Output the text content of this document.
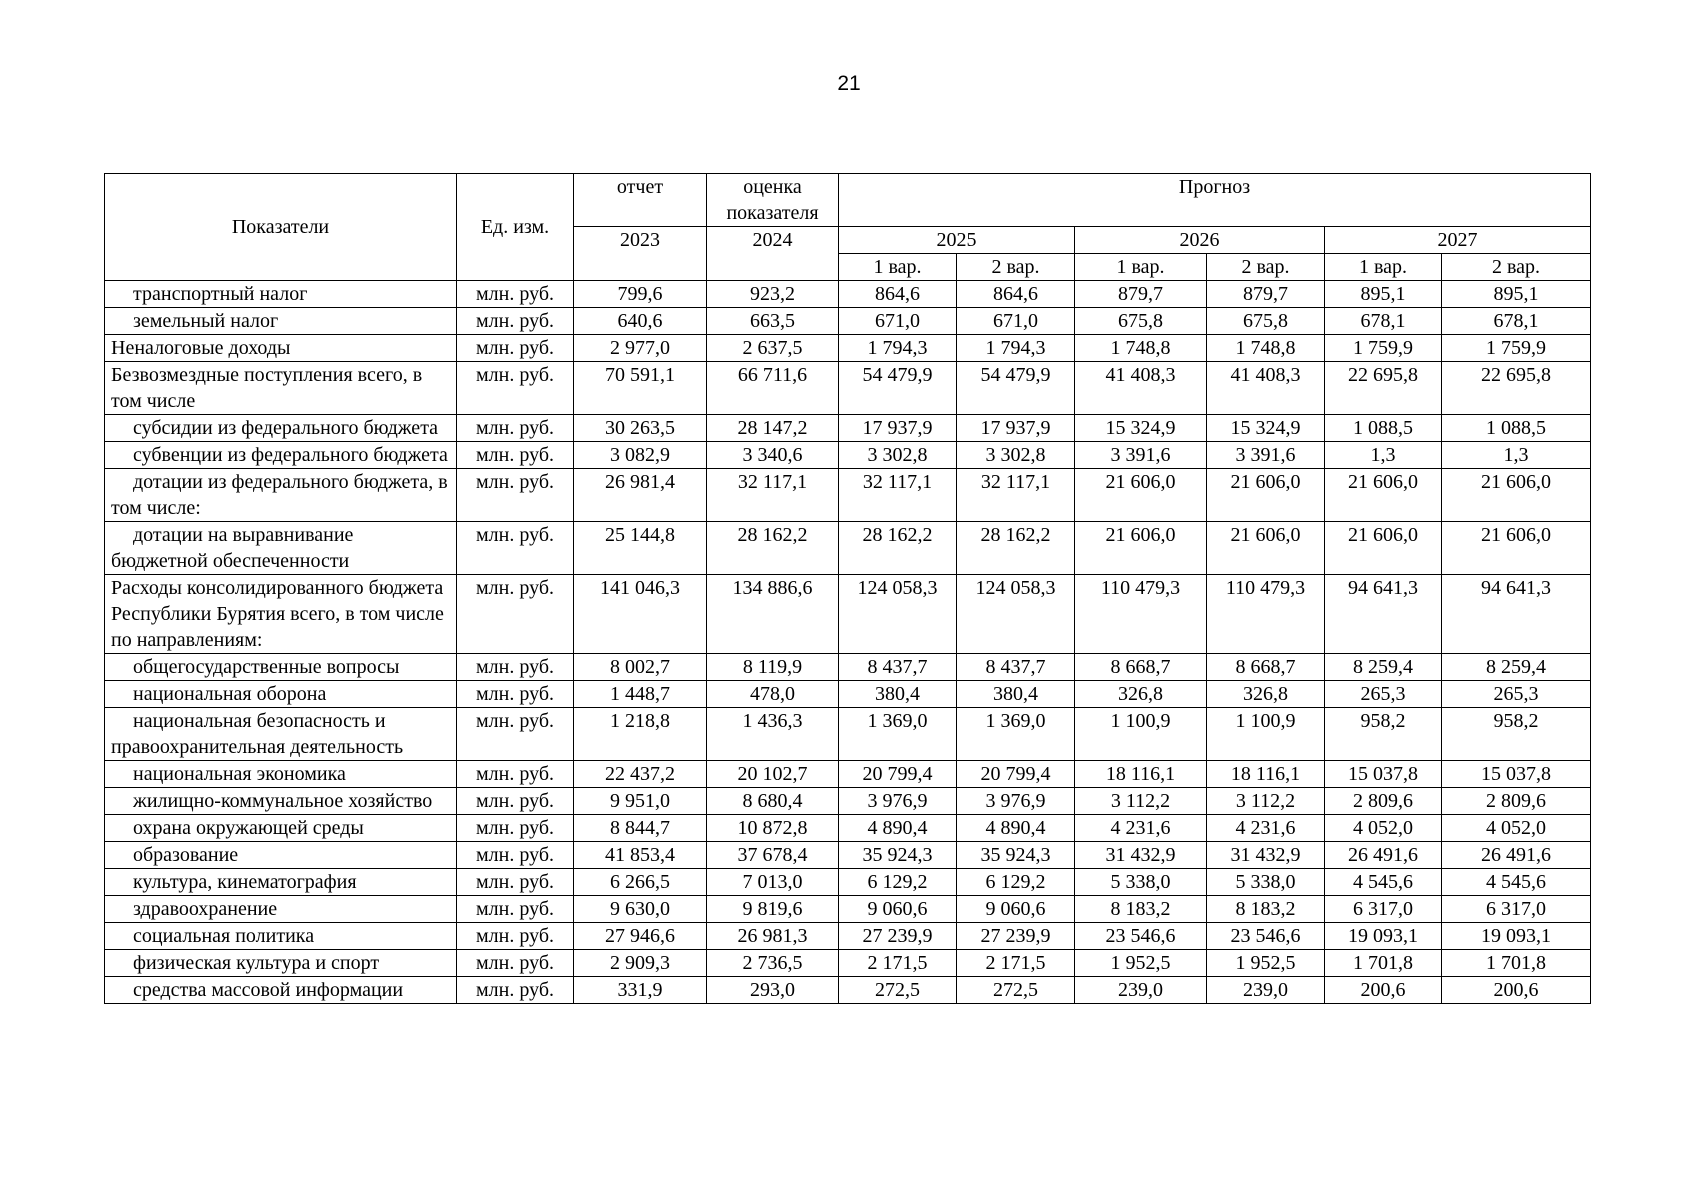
21
Показатели	Ед. изм.	отчет	оценка показателя	Прогноз					
		2023	2024	2025		2026		2027	
				1 вар.	2 вар.	1 вар.	2 вар.	1 вар.	2 вар.
транспортный налог	млн. руб.	799,6	923,2	864,6	864,6	879,7	879,7	895,1	895,1
земельный налог	млн. руб.	640,6	663,5	671,0	671,0	675,8	675,8	678,1	678,1
Неналоговые доходы	млн. руб.	2 977,0	2 637,5	1 794,3	1 794,3	1 748,8	1 748,8	1 759,9	1 759,9
Безвозмездные поступления всего, в том числе	млн. руб.	70 591,1	66 711,6	54 479,9	54 479,9	41 408,3	41 408,3	22 695,8	22 695,8
субсидии из федерального бюджета	млн. руб.	30 263,5	28 147,2	17 937,9	17 937,9	15 324,9	15 324,9	1 088,5	1 088,5
субвенции из федерального бюджета	млн. руб.	3 082,9	3 340,6	3 302,8	3 302,8	3 391,6	3 391,6	1,3	1,3
дотации из федерального бюджета, в том числе:	млн. руб.	26 981,4	32 117,1	32 117,1	32 117,1	21 606,0	21 606,0	21 606,0	21 606,0
дотации на выравнивание бюджетной обеспеченности	млн. руб.	25 144,8	28 162,2	28 162,2	28 162,2	21 606,0	21 606,0	21 606,0	21 606,0
Расходы консолидированного бюджета Республики Бурятия всего, в том числе по направлениям:	млн. руб.	141 046,3	134 886,6	124 058,3	124 058,3	110 479,3	110 479,3	94 641,3	94 641,3
общегосударственные вопросы	млн. руб.	8 002,7	8 119,9	8 437,7	8 437,7	8 668,7	8 668,7	8 259,4	8 259,4
национальная оборона	млн. руб.	1 448,7	478,0	380,4	380,4	326,8	326,8	265,3	265,3
национальная безопасность и правоохранительная деятельность	млн. руб.	1 218,8	1 436,3	1 369,0	1 369,0	1 100,9	1 100,9	958,2	958,2
национальная экономика	млн. руб.	22 437,2	20 102,7	20 799,4	20 799,4	18 116,1	18 116,1	15 037,8	15 037,8
жилищно-коммунальное хозяйство	млн. руб.	9 951,0	8 680,4	3 976,9	3 976,9	3 112,2	3 112,2	2 809,6	2 809,6
охрана окружающей среды	млн. руб.	8 844,7	10 872,8	4 890,4	4 890,4	4 231,6	4 231,6	4 052,0	4 052,0
образование	млн. руб.	41 853,4	37 678,4	35 924,3	35 924,3	31 432,9	31 432,9	26 491,6	26 491,6
культура, кинематография	млн. руб.	6 266,5	7 013,0	6 129,2	6 129,2	5 338,0	5 338,0	4 545,6	4 545,6
здравоохранение	млн. руб.	9 630,0	9 819,6	9 060,6	9 060,6	8 183,2	8 183,2	6 317,0	6 317,0
социальная политика	млн. руб.	27 946,6	26 981,3	27 239,9	27 239,9	23 546,6	23 546,6	19 093,1	19 093,1
физическая культура и спорт	млн. руб.	2 909,3	2 736,5	2 171,5	2 171,5	1 952,5	1 952,5	1 701,8	1 701,8
средства массовой информации	млн. руб.	331,9	293,0	272,5	272,5	239,0	239,0	200,6	200,6
